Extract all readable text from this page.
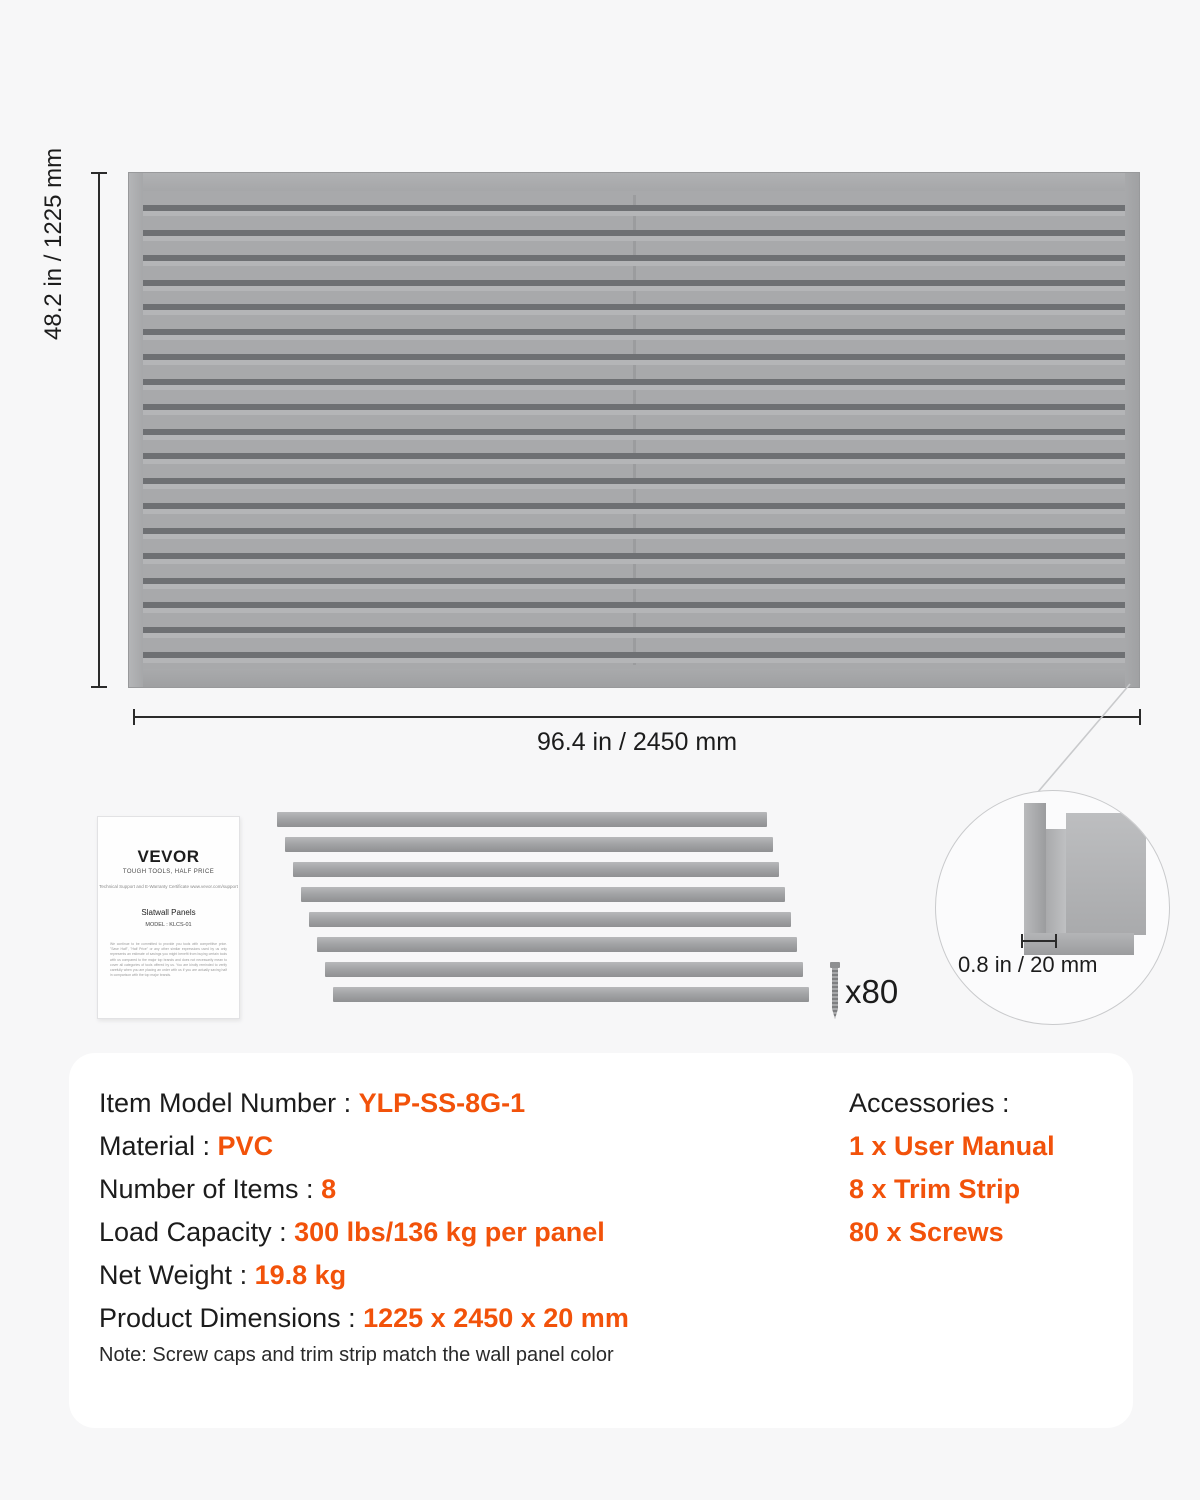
48.2 in / 1225 mm
96.4 in / 2450 mm
0.8 in / 20 mm
VEVOR
TOUGH TOOLS, HALF PRICE
Technical Support and E-Warranty Certificate www.vevor.com/support
Slatwall Panels
MODEL : KLCS-01
We continue to be committed to provide you tools with competitive price. "Save Half", "Half Price" or any other similar expressions used by us only represents an estimate of savings you might benefit from buying certain tools with us compared to the major top brands and does not necessarily mean to cover all categories of tools offered by us. You are kindly reminded to verify carefully when you are placing an order with us if you are actually saving half in comparison with the top major brands.	x80
Item Model Number : YLP-SS-8G-1
Material : PVC
Number of Items : 8
Load Capacity : 300 lbs/136 kg per panel
Net Weight : 19.8 kg
Product Dimensions : 1225 x 2450 x 20 mm
Accessories :
1 x User Manual
8 x Trim Strip
80 x Screws
Note: Screw caps and trim strip match the wall panel color
